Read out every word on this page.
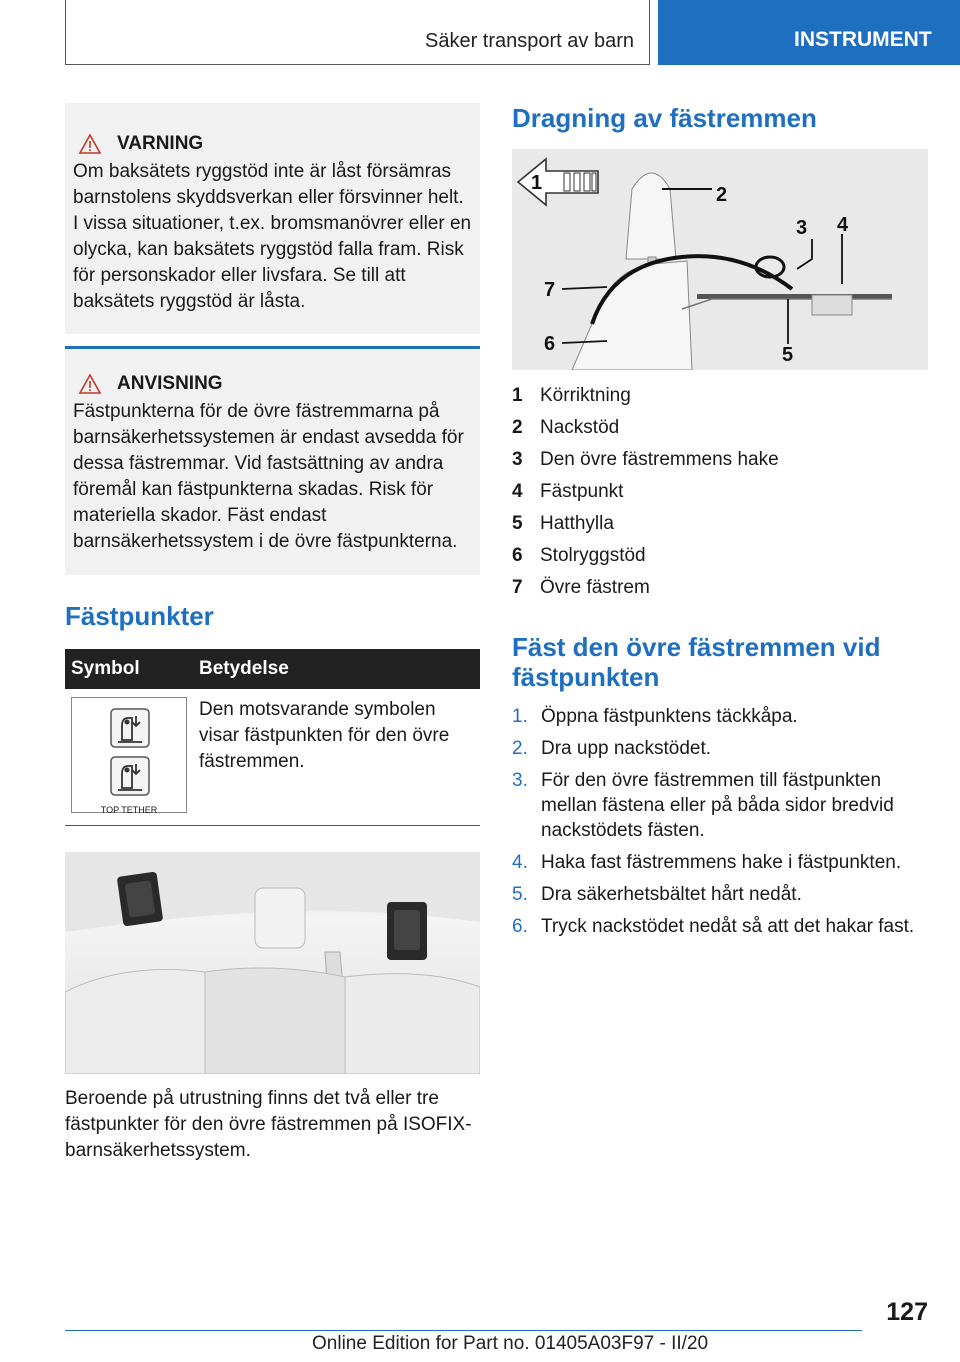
Säker transport av barn	INSTRUMENT
VARNING
Om baksätets ryggstöd inte är låst försämras barnstolens skyddsverkan eller försvinner helt. I vissa situationer, t.ex. bromsmanövrer eller en olycka, kan baksätets ryggstöd falla fram. Risk för personskador eller livsfara. Se till att baksätets ryggstöd är låsta.
ANVISNING
Fästpunkterna för de övre fästremmarna på barnsäkerhetssystemen är endast avsedda för dessa fästremmar. Vid fastsättning av andra föremål kan fästpunkterna skadas. Risk för materiella skador. Fäst endast barnsäkerhetssystem i de övre fästpunkterna.
Fästpunkter
Symbol	Betydelse

TOP TETHER	Den motsvarande symbolen visar fästpunkten för den övre fästremmen.
Beroende på utrustning finns det två eller tre fästpunkter för den övre fästremmen på ISOFIX-barnsäkerhetssystem.
Dragning av fästremmen
1
2
3 4
5
6
7
1 Körriktning
2 Nackstöd
3 Den övre fästremmens hake
4 Fästpunkt
5 Hatthylla
6 Stolryggstöd
7 Övre fästrem
Fäst den övre fästremmen vid
fästpunkten
1. Öppna fästpunktens täckkåpa.
2. Dra upp nackstödet.
3. För den övre fästremmen till fästpunkten mellan fästena eller på båda sidor bredvid nackstödets fästen.
4. Haka fast fästremmens hake i fästpunkten.
5. Dra säkerhetsbältet hårt nedåt.
6. Tryck nackstödet nedåt så att det hakar fast.
127
Online Edition for Part no. 01405A03F97 - II/20
